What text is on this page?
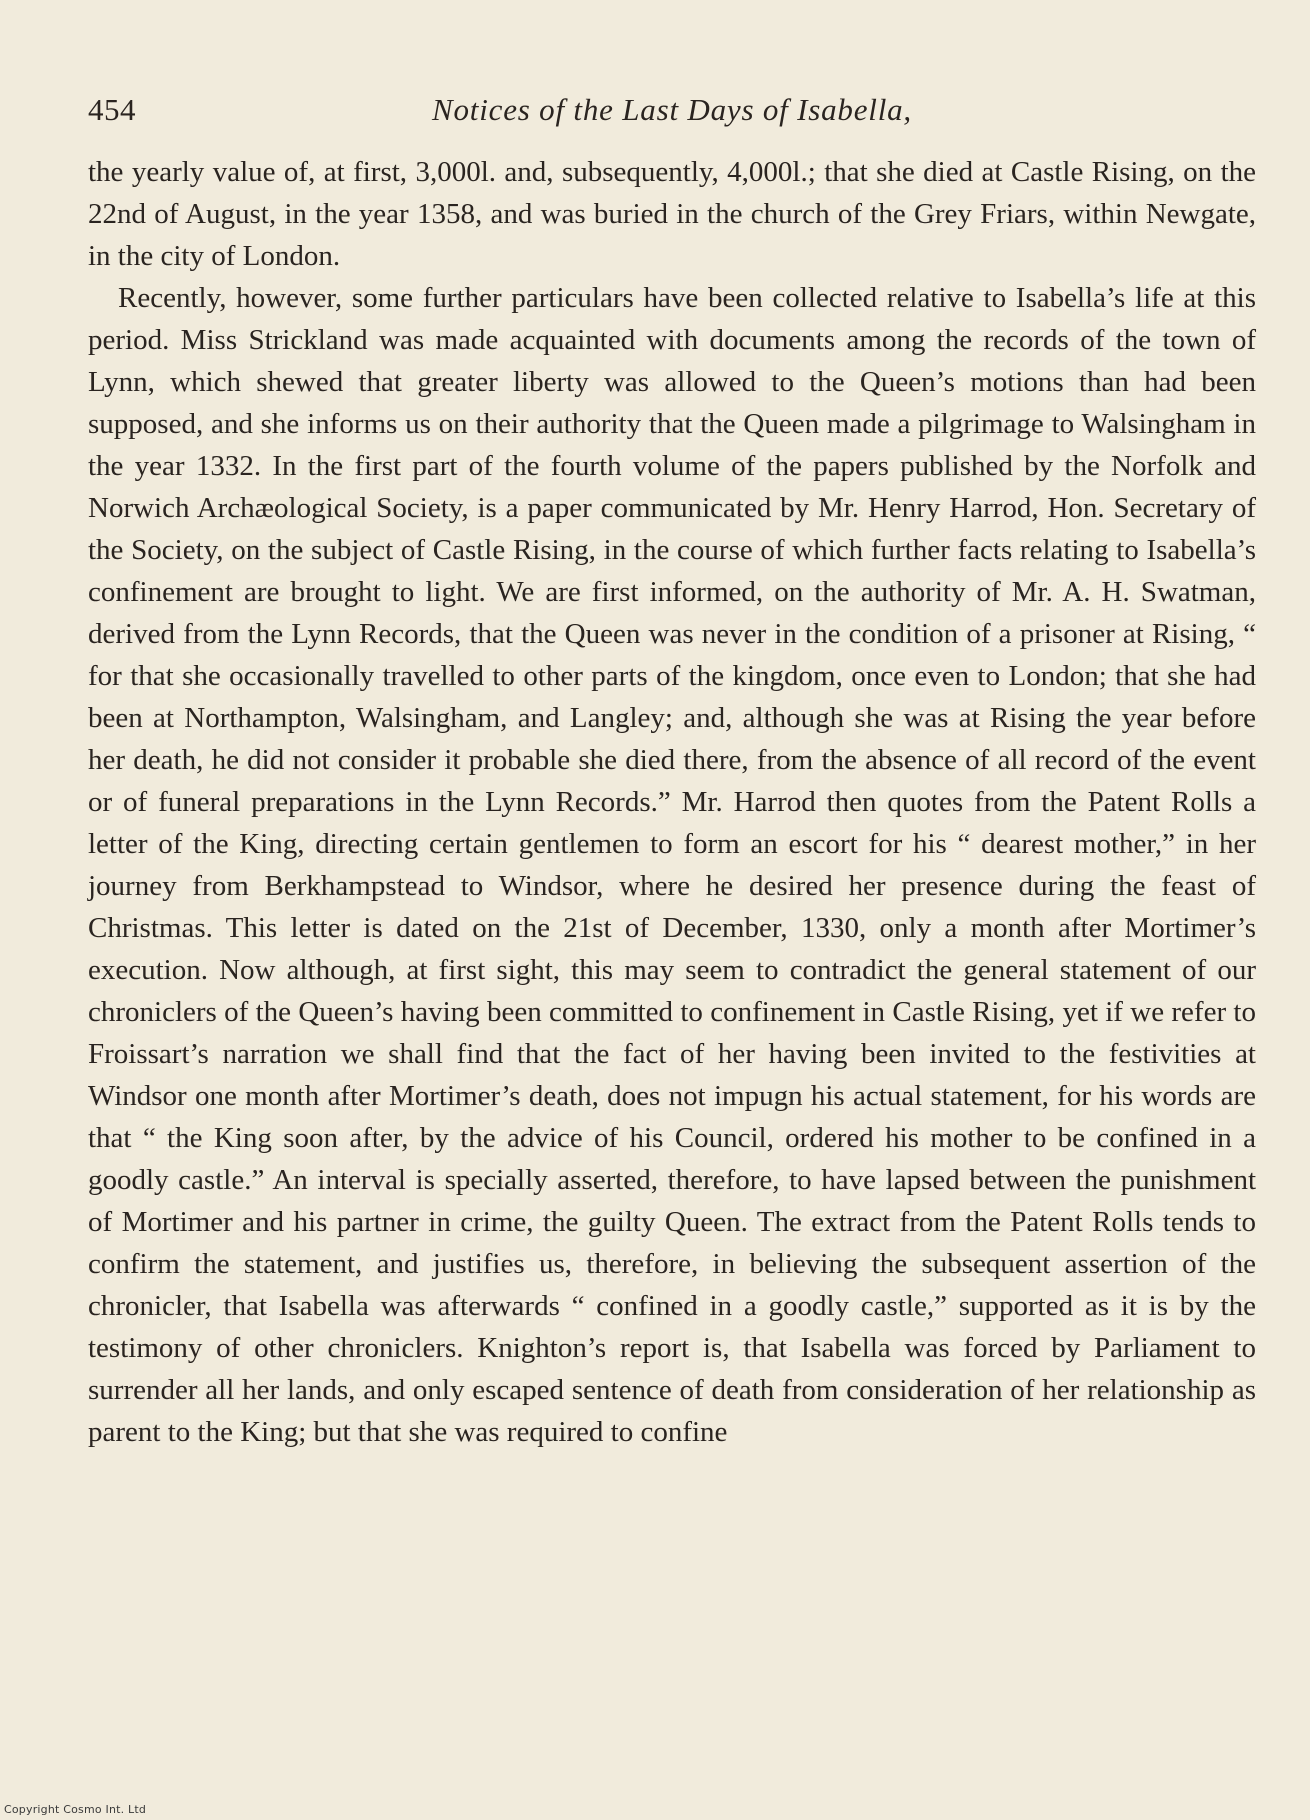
454	Notices of the Last Days of Isabella,

the yearly value of, at first, 3,000l. and, subsequently, 4,000l.; that she died at Castle Rising, on the 22nd of August, in the year 1358, and was buried in the church of the Grey Friars, within Newgate, in the city of London.

Recently, however, some further particulars have been collected relative to Isabella’s life at this period. Miss Strickland was made acquainted with documents among the records of the town of Lynn, which shewed that greater liberty was allowed to the Queen’s motions than had been supposed, and she informs us on their authority that the Queen made a pilgrimage to Walsingham in the year 1332. In the first part of the fourth volume of the papers published by the Norfolk and Norwich Archæological Society, is a paper communicated by Mr. Henry Harrod, Hon. Secretary of the Society, on the subject of Castle Rising, in the course of which further facts relating to Isabella’s confinement are brought to light. We are first informed, on the authority of Mr. A. H. Swatman, derived from the Lynn Records, that the Queen was never in the condition of a prisoner at Rising, “ for that she occasionally travelled to other parts of the kingdom, once even to London; that she had been at Northampton, Walsingham, and Langley; and, although she was at Rising the year before her death, he did not consider it probable she died there, from the absence of all record of the event or of funeral preparations in the Lynn Records.” Mr. Harrod then quotes from the Patent Rolls a letter of the King, directing certain gentlemen to form an escort for his “ dearest mother,” in her journey from Berkhampstead to Windsor, where he desired her presence during the feast of Christmas. This letter is dated on the 21st of December, 1330, only a month after Mortimer’s execution. Now although, at first sight, this may seem to contradict the general statement of our chroniclers of the Queen’s having been committed to confinement in Castle Rising, yet if we refer to Froissart’s narration we shall find that the fact of her having been invited to the festivities at Windsor one month after Mortimer’s death, does not impugn his actual statement, for his words are that “ the King soon after, by the advice of his Council, ordered his mother to be confined in a goodly castle.” An interval is specially asserted, therefore, to have lapsed between the punishment of Mortimer and his partner in crime, the guilty Queen. The extract from the Patent Rolls tends to confirm the statement, and justifies us, therefore, in believing the subsequent assertion of the chronicler, that Isabella was afterwards “ confined in a goodly castle,” supported as it is by the testimony of other chroniclers. Knighton’s report is, that Isabella was forced by Parliament to surrender all her lands, and only escaped sentence of death from consideration of her relationship as parent to the King; but that she was required to confine

Copyright Cosmo Int. Ltd
